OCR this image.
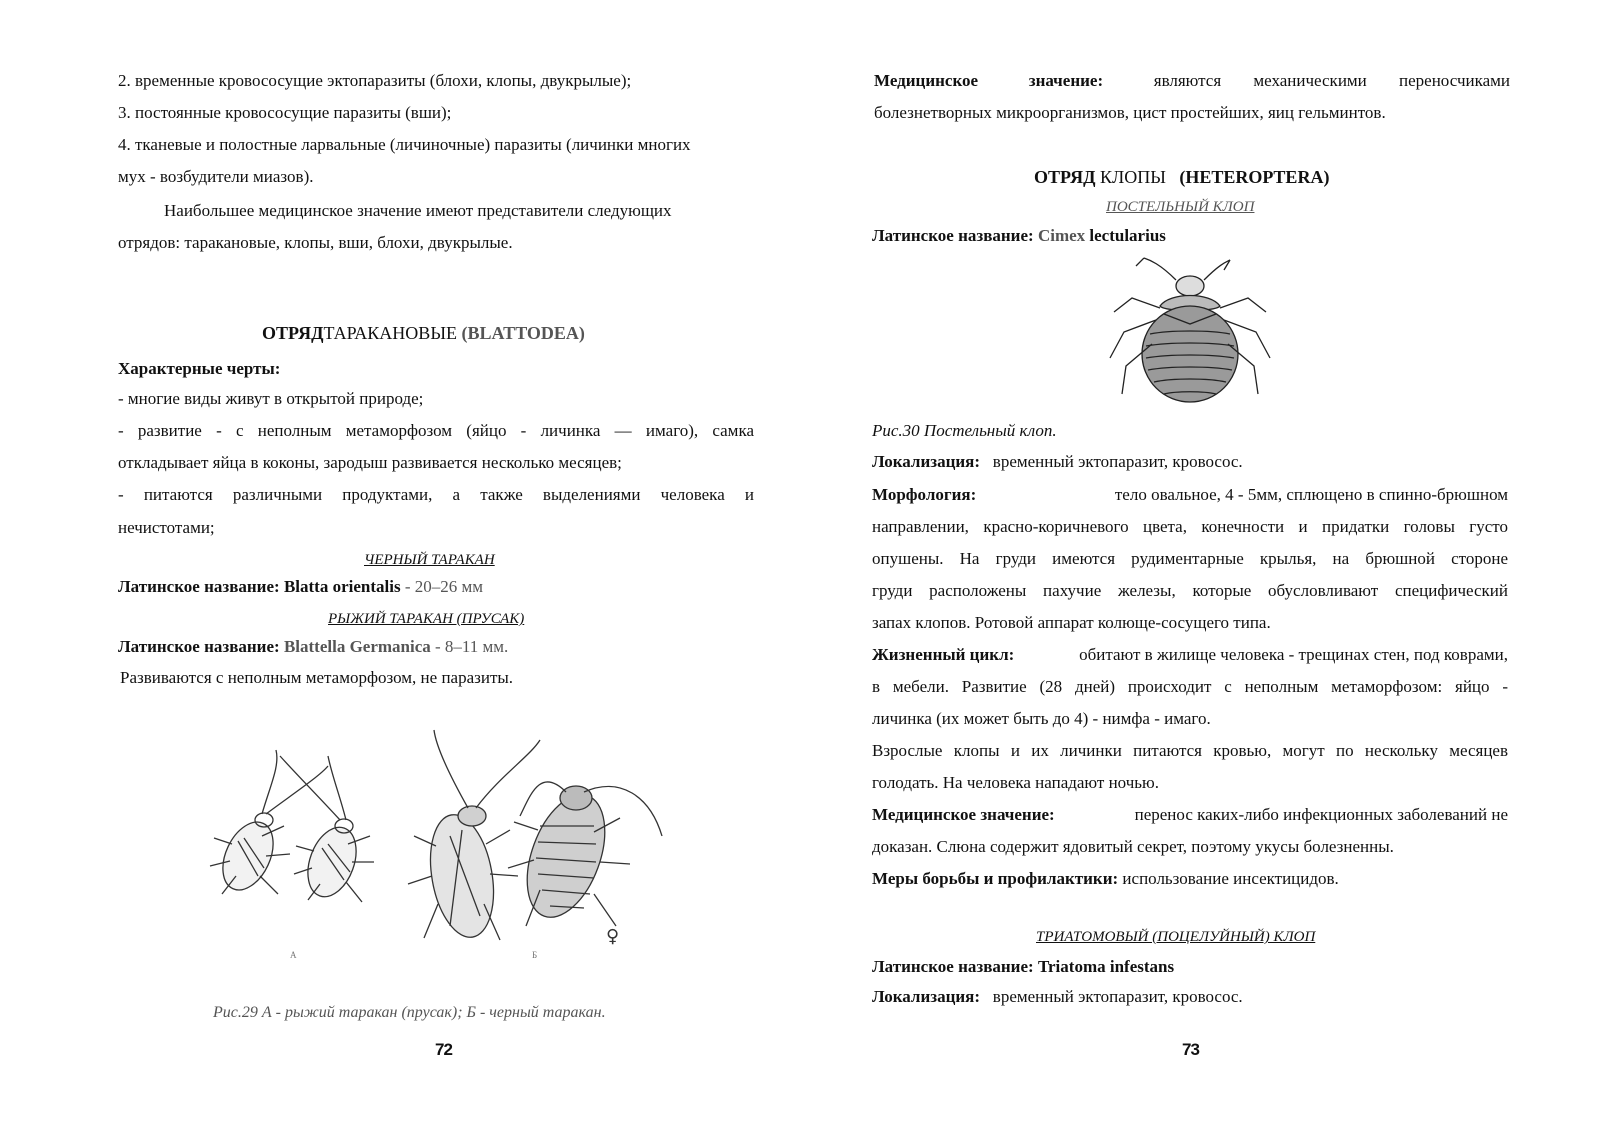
2. временные кровососущие эктопаразиты (блохи, клопы, двукрылые);
3. постоянные кровососущие паразиты (вши);
4. тканевые и полостные ларвальные (личиночные) паразиты (личинки многих
мух - возбудители миазов).
Наибольшее медицинское значение имеют представители следующих
отрядов: таракановые, клопы, вши, блохи, двукрылые.
ОТРЯДТАРАКАНОВЫЕ (BLATTODEA)
Характерные черты:
- многие виды живут в открытой природе;
- развитие - с неполным метаморфозом (яйцо - личинка — имаго), самка
откладывает яйца в коконы, зародыш развивается несколько месяцев;
- питаются различными продуктами, а также выделениями человека и
нечистотами;
ЧЕРНЫЙ ТАРАКАН
Латинское название: Blatta orientalis - 20–26 мм
РЫЖИЙ ТАРАКАН (ПРУСАК)
Латинское название: Blattella Germanica - 8–11 мм.
Развиваются с неполным метаморфозом, не паразиты.
А	Б
♀
Рис.29 А - рыжий таракан (прусак); Б - черный таракан.
72
Медицинское	значение:	являются механическими переносчиками
болезнетворных микроорганизмов, цист простейших, яиц гельминтов.
ОТРЯД КЛОПЫ (HETEROPTERA)
ПОСТЕЛЬНЫЙ КЛОП
Латинское название: Cimex lectularius
Рис.30 Постельный клоп.
Локализация: временный эктопаразит, кровосос.
Морфология:	тело овальное, 4 - 5мм, сплющено в спинно-брюшном
направлении, красно-коричневого цвета, конечности и придатки головы густо
опушены. На груди имеются рудиментарные крылья, на брюшной стороне
груди расположены пахучие железы, которые обусловливают специфический
запах клопов. Ротовой аппарат колюще-сосущего типа.
Жизненный цикл:	обитают в жилище человека - трещинах стен, под коврами,
в мебели. Развитие (28 дней) происходит с неполным метаморфозом: яйцо -
личинка (их может быть до 4) - нимфа - имаго.
Взрослые клопы и их личинки питаются кровью, могут по нескольку месяцев
голодать. На человека нападают ночью.
Медицинское значение:	перенос каких-либо инфекционных заболеваний не
доказан. Слюна содержит ядовитый секрет, поэтому укусы болезненны.
Меры борьбы и профилактики: использование инсектицидов.
ТРИАТОМОВЫЙ (ПОЦЕЛУЙНЫЙ) КЛОП
Латинское название: Triatoma infestans
Локализация: временный эктопаразит, кровосос.
73
